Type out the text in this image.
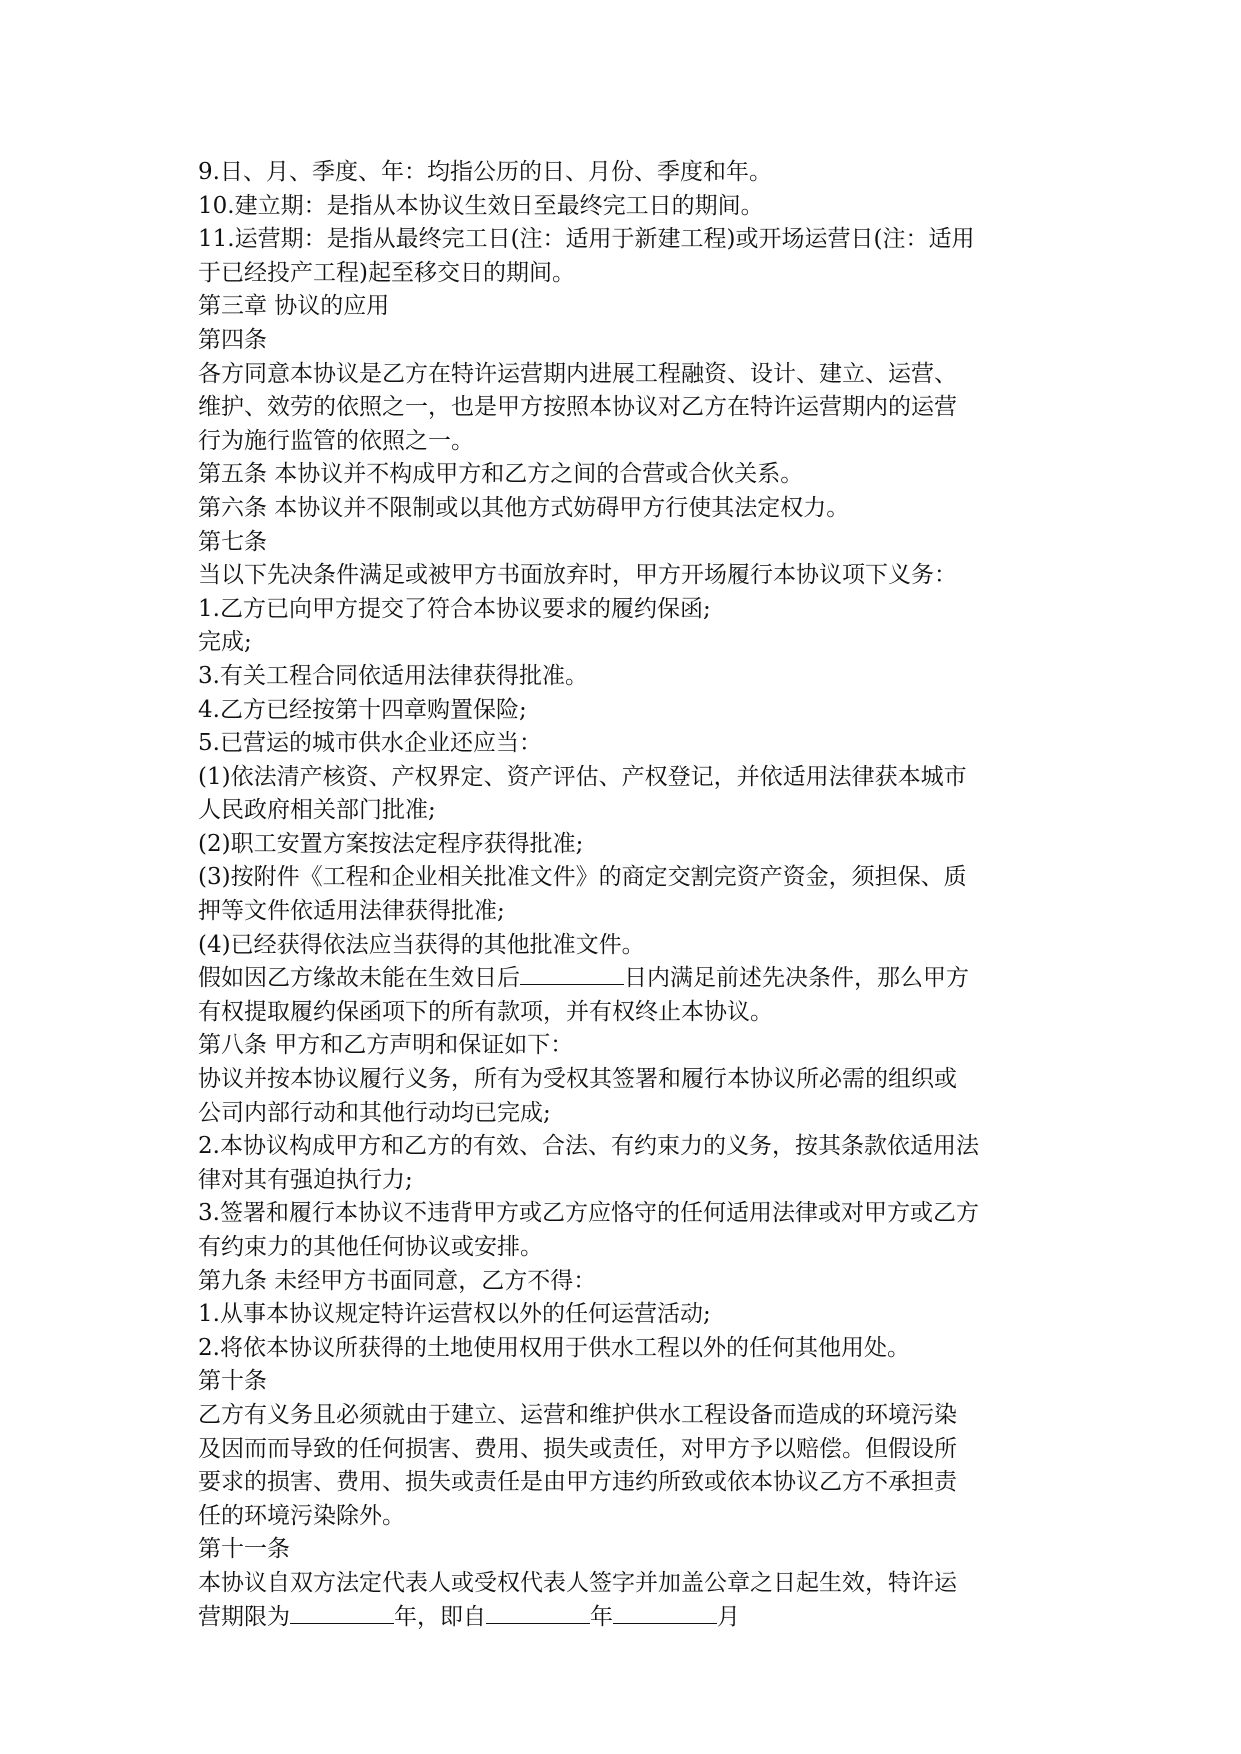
9.日、月、季度、年：均指公历的日、月份、季度和年。
10.建立期：是指从本协议生效日至最终完工日的期间。
11.运营期：是指从最终完工日(注：适用于新建工程)或开场运营日(注：适用
于已经投产工程)起至移交日的期间。
第三章 协议的应用
第四条
各方同意本协议是乙方在特许运营期内进展工程融资、设计、建立、运营、
维护、效劳的依照之一，也是甲方按照本协议对乙方在特许运营期内的运营
行为施行监管的依照之一。
第五条 本协议并不构成甲方和乙方之间的合营或合伙关系。
第六条 本协议并不限制或以其他方式妨碍甲方行使其法定权力。
第七条
当以下先决条件满足或被甲方书面放弃时，甲方开场履行本协议项下义务：
1.乙方已向甲方提交了符合本协议要求的履约保函;
完成;
3.有关工程合同依适用法律获得批准。
4.乙方已经按第十四章购置保险;
5.已营运的城市供水企业还应当：
(1)依法清产核资、产权界定、资产评估、产权登记，并依适用法律获本城市
人民政府相关部门批准;
(2)职工安置方案按法定程序获得批准;
(3)按附件《工程和企业相关批准文件》的商定交割完资产资金，须担保、质
押等文件依适用法律获得批准;
(4)已经获得依法应当获得的其他批准文件。
假如因乙方缘故未能在生效日后	日内满足前述先决条件，那么甲方
有权提取履约保函项下的所有款项，并有权终止本协议。
第八条 甲方和乙方声明和保证如下：
协议并按本协议履行义务，所有为受权其签署和履行本协议所必需的组织或
公司内部行动和其他行动均已完成;
2.本协议构成甲方和乙方的有效、合法、有约束力的义务，按其条款依适用法
律对其有强迫执行力;
3.签署和履行本协议不违背甲方或乙方应恪守的任何适用法律或对甲方或乙方
有约束力的其他任何协议或安排。
第九条 未经甲方书面同意，乙方不得：
1.从事本协议规定特许运营权以外的任何运营活动;
2.将依本协议所获得的土地使用权用于供水工程以外的任何其他用处。
第十条
乙方有义务且必须就由于建立、运营和维护供水工程设备而造成的环境污染
及因而而导致的任何损害、费用、损失或责任，对甲方予以赔偿。但假设所
要求的损害、费用、损失或责任是由甲方违约所致或依本协议乙方不承担责
任的环境污染除外。
第十一条
本协议自双方法定代表人或受权代表人签字并加盖公章之日起生效，特许运
营期限为	年，即自	年	月
